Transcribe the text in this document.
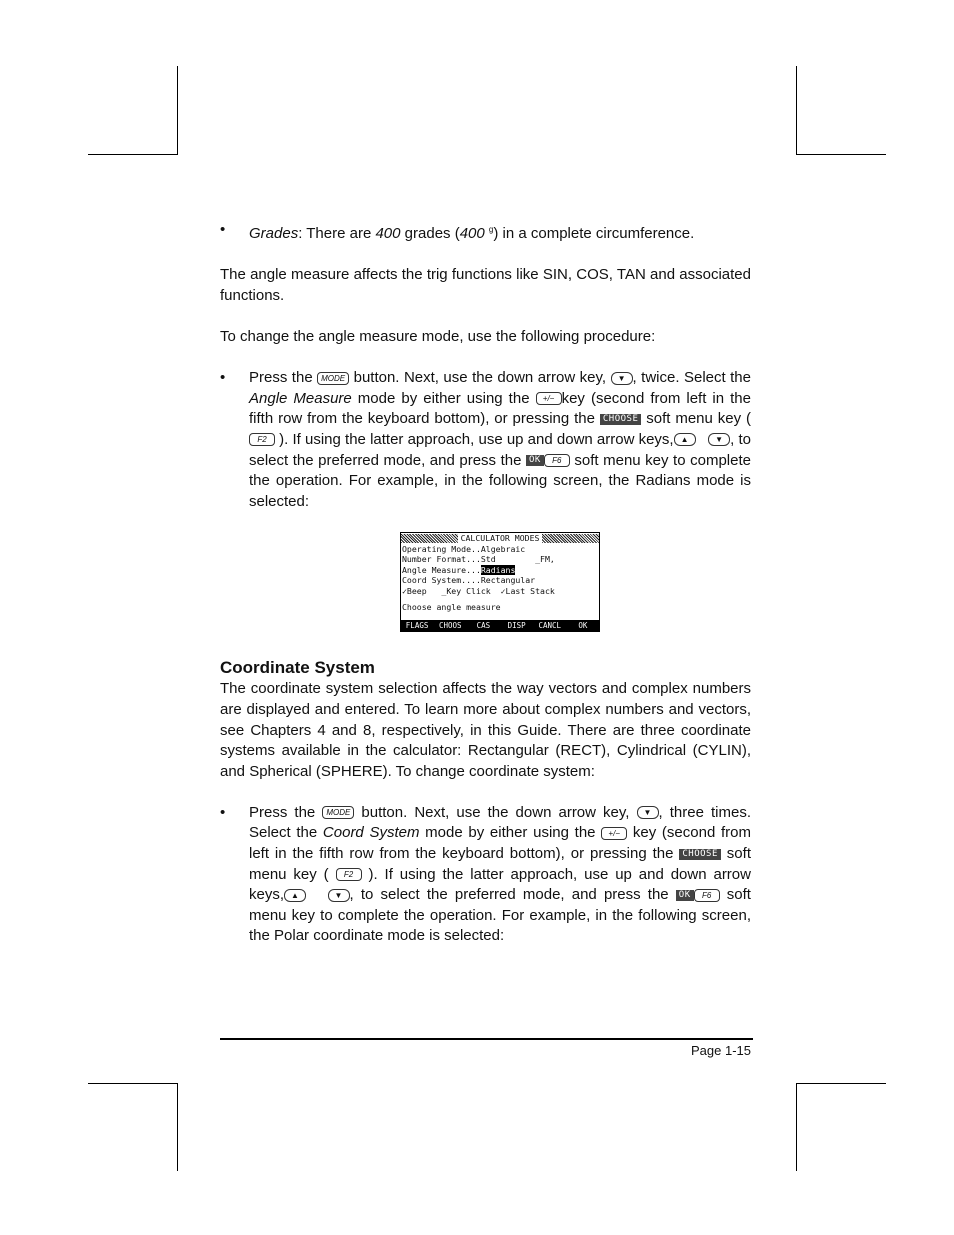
• Grades: There are 400 grades (400 $^g$) in a complete circumference.

The angle measure affects the trig functions like SIN, COS, TAN and associated functions.

To change the angle measure mode, use the following procedure:

• Press the MODE button. Next, use the down arrow key, ▼ , twice. Select the Angle Measure mode by either using the +/− key (second from left in the fifth row from the keyboard bottom), or pressing the CHOOSE soft menu key ( F2 ). If using the latter approach, use up and down arrow keys, ▲	▼ , to select the preferred mode, and press the OK F6 soft menu key to complete the operation. For example, in the following screen, the Radians mode is selected:
CALCULATOR MODES
Operating Mode..Algebraic
Number Format...Std	_FM,
Angle Measure...Radians
Coord System....Rectangular
✓Beep   _Key Click  ✓Last Stack
Choose angle measure
FLAGS	CHOOS	CAS	DISP	CANCL	OK
Coordinate System

The coordinate system selection affects the way vectors and complex numbers are displayed and entered. To learn more about complex numbers and vectors, see Chapters 4 and 8, respectively, in this Guide. There are three coordinate systems available in the calculator: Rectangular (RECT), Cylindrical (CYLIN), and Spherical (SPHERE). To change coordinate system:

• Press the MODE button. Next, use the down arrow key, ▼ , three times. Select the Coord System mode by either using the +/− key (second from left in the fifth row from the keyboard bottom), or pressing the CHOOSE soft menu key ( F2 ). If using the latter approach, use up and down arrow keys, ▲	▼ , to select the preferred mode, and press the OK F6 soft menu key to complete the operation. For example, in the following screen, the Polar coordinate mode is selected:
Page 1-15
